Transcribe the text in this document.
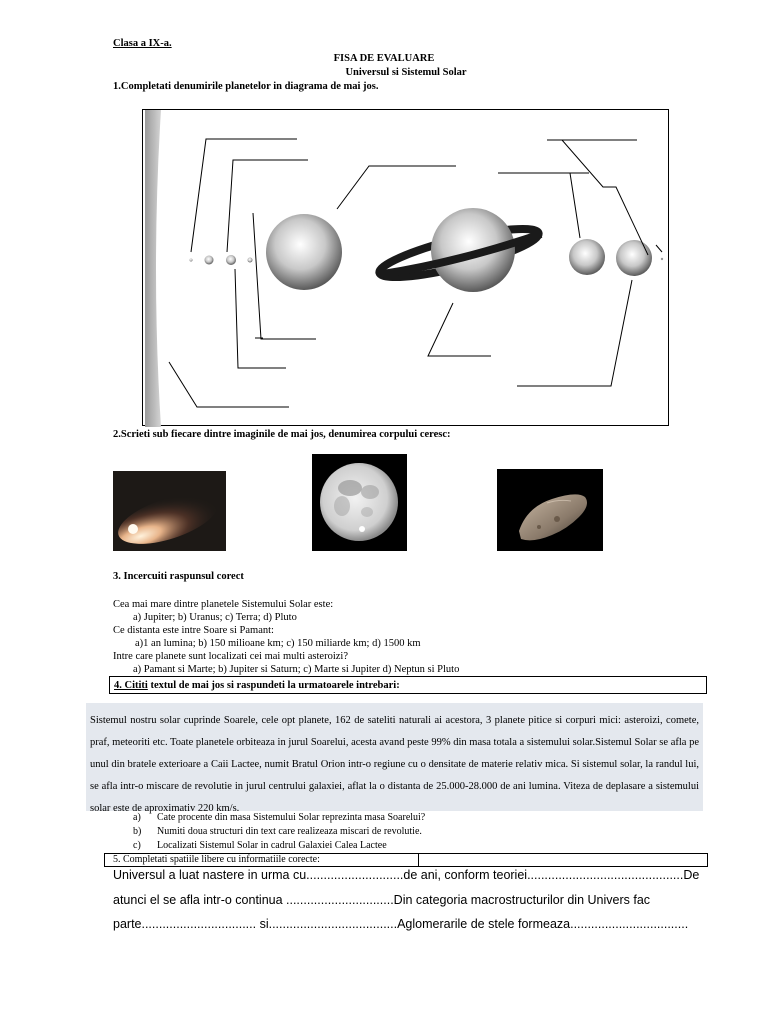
Clasa a IX-a.
FISA DE EVALUARE
Universul si Sistemul Solar
1.Completati denumirile planetelor in diagrama de mai jos.
2.Scrieti sub fiecare dintre imaginile de mai jos, denumirea corpului ceresc:
3. Incercuiti raspunsul corect
Cea mai mare dintre planetele Sistemului Solar este:
a) Jupiter; b) Uranus; c) Terra; d) Pluto
Ce distanta este intre Soare si Pamant:
a)1 an lumina; b) 150 milioane km; c) 150 miliarde km; d) 1500 km
Intre care planete sunt localizati cei mai multi asteroizi?
a) Pamant si Marte; b) Jupiter si Saturn; c) Marte si Jupiter d) Neptun si Pluto
4. Cititi textul de mai jos si raspundeti la urmatoarele intrebari:

Sistemul nostru solar cuprinde Soarele, cele opt planete, 162 de sateliti naturali ai acestora, 3 planete pitice si corpuri mici: asteroizi, comete, praf, meteoriti etc. Toate planetele orbiteaza in jurul Soarelui, acesta avand peste 99% din masa totala a sistemului solar.Sistemul Solar se afla pe unul din bratele exterioare a Caii Lactee, numit Bratul Orion intr-o regiune cu o densitate de materie relativ mica. Si sistemul solar, la randul lui, se afla intr-o miscare de revolutie in jurul centrului galaxiei, aflat la o distanta de 25.000-28.000 de ani lumina. Viteza de deplasare a sistemului solar este de aproximativ 220 km/s.

a) Cate procente din masa Sistemului Solar reprezinta masa Soarelui?
b) Numiti doua structuri din text care realizeaza miscari de revolutie.
c) Localizati Sistemul Solar in cadrul Galaxiei Calea Lactee
5. Completati spatiile libere cu informatiile corecte:
Universul a luat nastere in urma cu............................de ani, conform teoriei.............................................De
atunci el se afla intr-o continua ...............................Din categoria macrostructurilor din Univers fac
parte................................. si.....................................Aglomerarile de stele formeaza..................................
